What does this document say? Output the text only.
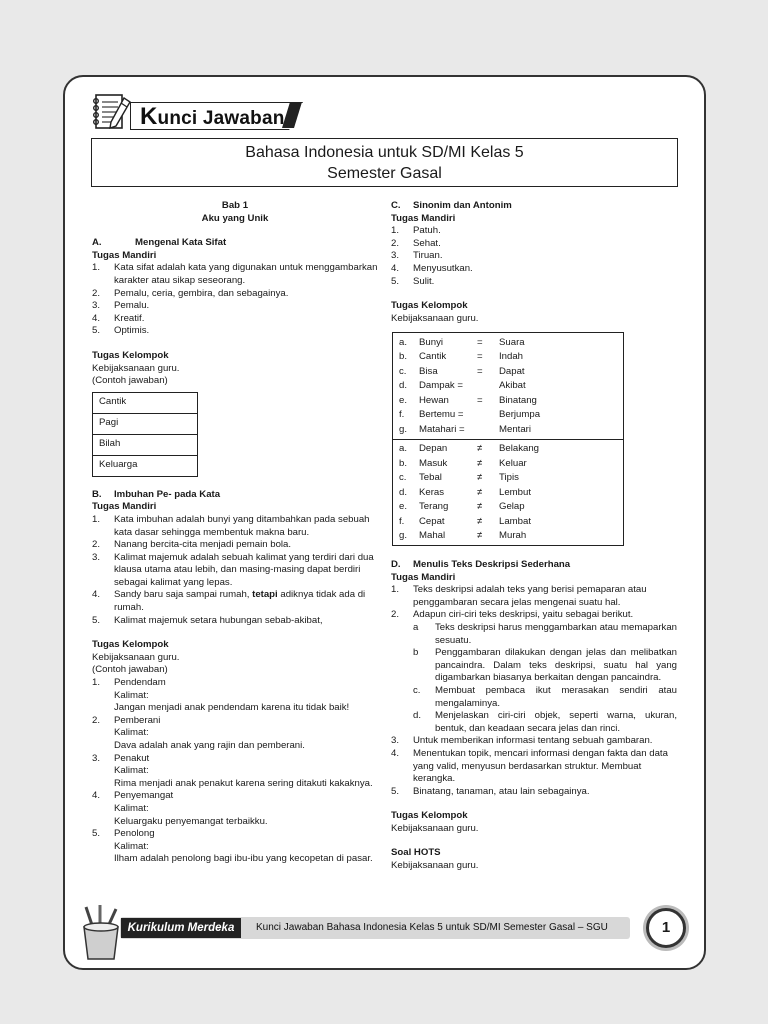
Kunci Jawaban
Bahasa Indonesia untuk SD/MI Kelas 5
Semester Gasal

Bab 1

Aku yang Unik

A.	Mengenal Kata Sifat

Tugas Mandiri

1.	Kata sifat adalah kata yang digunakan untuk menggambarkan karakter atau sikap seseorang.
2.	Pemalu, ceria, gembira, dan sebagainya.
3.	Pemalu.
4.	Kreatif.
5.	Optimis.

Tugas Kelompok

Kebijaksanaan guru.

(Contoh jawaban)

Cantik
Pagi
Bilah
Keluarga
B.	Imbuhan Pe- pada Kata

Tugas Mandiri

1.	Kata imbuhan adalah bunyi yang ditambahkan pada sebuah kata dasar sehingga membentuk makna baru.
2.	Nanang bercita-cita menjadi pemain bola.
3.	Kalimat majemuk adalah sebuah kalimat yang terdiri dari dua klausa utama atau lebih, dan masing-masing dapat berdiri sebagai kalimat yang lepas.
4.	Sandy baru saja sampai rumah, tetapi adiknya tidak ada di rumah.
5.	Kalimat majemuk setara hubungan sebab-akibat,

Tugas Kelompok

Kebijaksanaan guru.

(Contoh jawaban)

1.	Pendendam

Kalimat:

Jangan menjadi anak pendendam karena itu tidak baik!

2.	Pemberani

Kalimat:

Dava adalah anak yang rajin dan pemberani.

3.	Penakut

Kalimat:

Rima menjadi anak penakut karena sering ditakuti kakaknya.

4.	Penyemangat

Kalimat:

Keluargaku penyemangat terbaikku.

5.	Penolong

Kalimat:

Ilham adalah penolong bagi ibu-ibu yang kecopetan di pasar.

C.	Sinonim dan Antonim

Tugas Mandiri

1.	Patuh.
2.	Sehat.
3.	Tiruan.
4.	Menyusutkan.
5.	Sulit.

Tugas Kelompok

Kebijaksanaan guru.

a.	Bunyi	=	Suara
b.	Cantik	=	Indah
c.	Bisa	=	Dapat
d.	Dampak =	Akibat
e.	Hewan	=	Binatang
f.	Bertemu =	Berjumpa
g.	Matahari =	Mentari
a.	Depan	≠	Belakang
b.	Masuk	≠	Keluar
c.	Tebal	≠	Tipis
d.	Keras	≠	Lembut
e.	Terang	≠	Gelap
f.	Cepat	≠	Lambat
g.	Mahal	≠	Murah
D.	Menulis Teks Deskripsi Sederhana

Tugas Mandiri

1.	Teks deskripsi adalah teks yang berisi pemaparan atau penggambaran secara jelas mengenai suatu hal.
2.	Adapun ciri-ciri teks deskripsi, yaitu sebagai berikut.
a	Teks deskripsi harus menggambarkan atau memaparkan sesuatu.
b	Penggambaran dilakukan dengan jelas dan melibatkan pancaindra. Dalam teks deskripsi, suatu hal yang digambarkan biasanya berkaitan dengan pancaindra.
c.	Membuat pembaca ikut merasakan sendiri atau mengalaminya.
d.	Menjelaskan ciri-ciri objek, seperti warna, ukuran, bentuk, dan keadaan secara jelas dan rinci.
3.	Untuk memberikan informasi tentang sebuah gambaran.
4.	Menentukan topik, mencari informasi dengan fakta dan data yang valid, menyusun berdasarkan struktur. Membuat kerangka.
5.	Binatang, tanaman, atau lain sebagainya.

Tugas Kelompok

Kebijaksanaan guru.

Soal HOTS

Kebijaksanaan guru.

Kurikulum Merdeka	Kunci Jawaban Bahasa Indonesia Kelas 5 untuk SD/MI Semester Gasal – SGU	1
